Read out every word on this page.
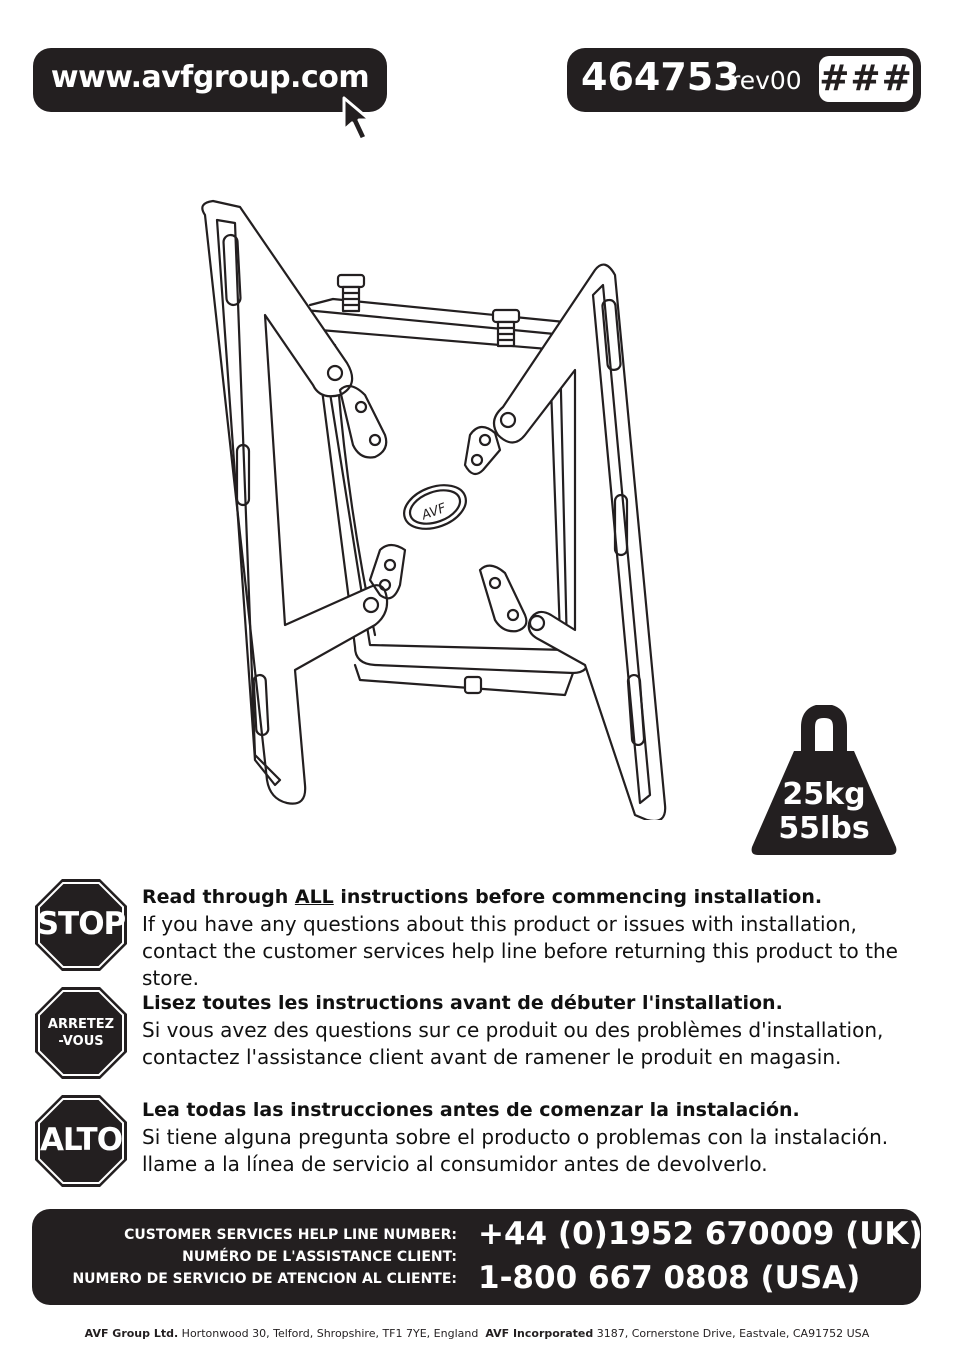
www.avfgroup.com	464753
rev00 ###
AVF
25kg
55lbs
STOP
ARRETEZ
-VOUS
ALTO
Read through ALL instructions before commencing installation.
If you have any questions about this product or issues with installation, contact the customer services help line before returning this product to the store.
Lisez toutes les instructions avant de débuter l'installation.
Si vous avez des questions sur ce produit ou des problèmes d'installation, contactez l'assistance client avant de ramener le produit en magasin.
Lea todas las instrucciones antes de comenzar la instalación.
Si tiene alguna pregunta sobre el producto o problemas con la instalación. llame a la línea de servicio al consumidor antes de devolverlo.
CUSTOMER SERVICES HELP LINE NUMBER:
NUMÉRO DE L'ASSISTANCE CLIENT:
NUMERO DE SERVICIO DE ATENCION AL CLIENTE:
+44 (0)1952 670009 (UK)
1-800 667 0808 (USA)
AVF Group Ltd. Hortonwood 30, Telford, Shropshire, TF1 7YE, England AVF Incorporated 3187, Cornerstone Drive, Eastvale, CA91752 USA
